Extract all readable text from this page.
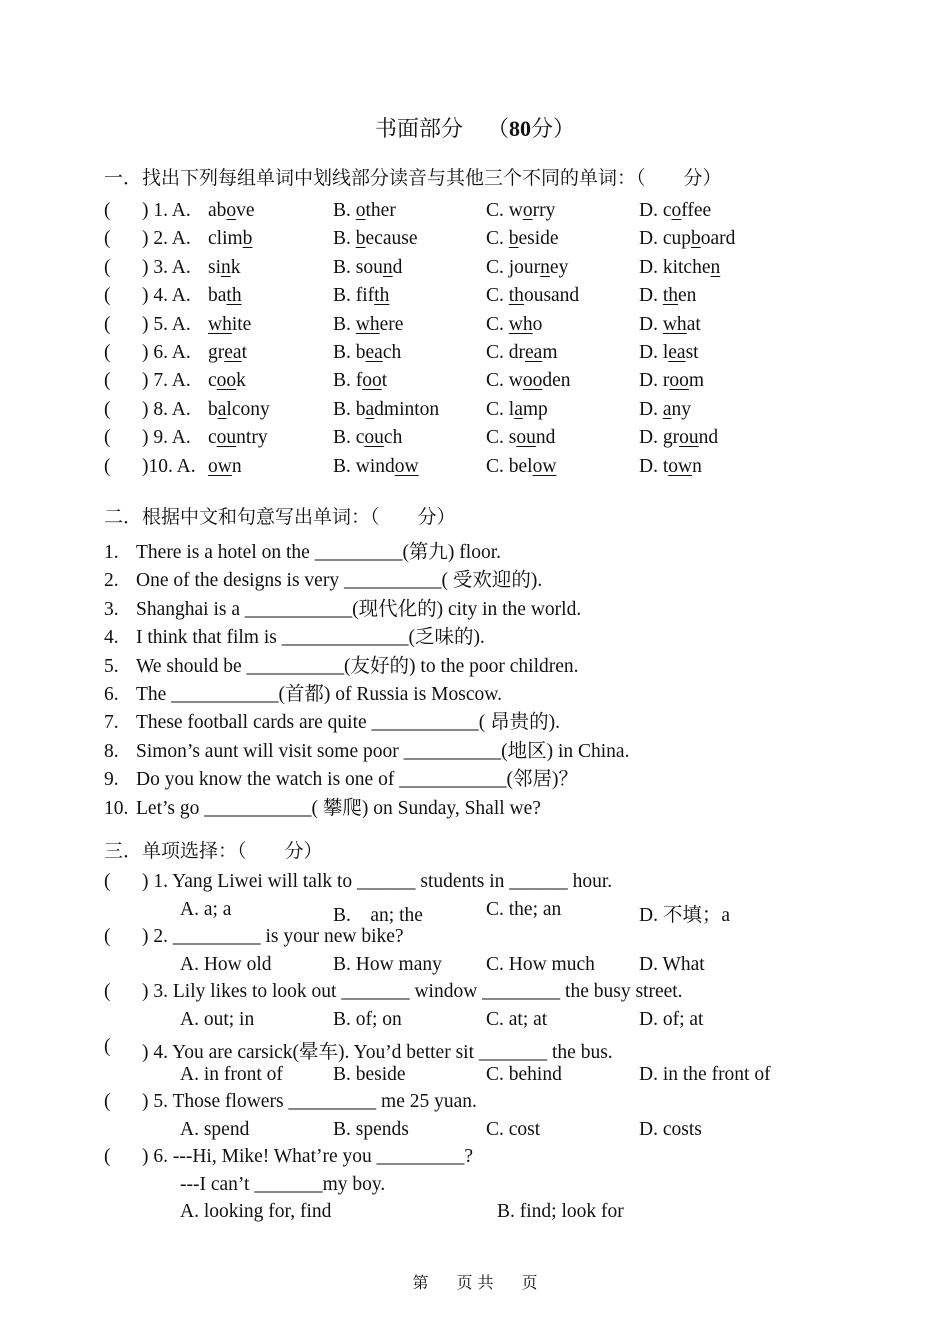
书面部分 （80分）
一．找出下列每组单词中划线部分读音与其他三个不同的单词：（　　分）
( ) 1. A. above	B. other	C. worry	D. coffee
( ) 2. A. climb	B. because	C. beside	D. cupboard
( ) 3. A. sink	B. sound	C. journey	D. kitchen
( ) 4. A. bath	B. fifth	C. thousand	D. then
( ) 5. A. white	B. where	C. who	D. what
( ) 6. A. great	B. beach	C. dream	D. least
( ) 7. A. cook	B. foot	C. wooden	D. room
( ) 8. A. balcony	B. badminton C. lamp	D. any
( ) 9. A. country	B. couch	C. sound	D. ground
( )10. A. own	B. window	C. below	D. town
二．根据中文和句意写出单词：（　　分）
1. There is a hotel on the _________(第九) floor.
2. One of the designs is very __________( 受欢迎的).
3. Shanghai is a ___________(现代化的) city in the world.
4. I think that film is _____________(乏味的).
5. We should be __________(友好的) to the poor children.
6. The ___________(首都) of Russia is Moscow.
7. These football cards are quite ___________( 昂贵的).
8. Simon’s aunt will visit some poor __________(地区) in China.
9. Do you know the watch is one of ___________(邻居)？
10. Let’s go ___________( 攀爬) on Sunday, Shall we?
三．单项选择：（　　分）
( ) 1. Yang Liwei will talk to ______ students in ______ hour.
A. a; a	B.　an; the	C. the; an	D. 不填；a
( ) 2. _________ is your new bike?
A. How old	B. How many C. How much D. What
( ) 3. Lily likes to look out _______ window ________ the busy street.
A. out; in	B. of; on	C. at; at	D. of; at
( ) 4. You are carsick(晕车). You’d better sit _______ the bus.
A. in front of	B. beside	C. behind	D. in the front of
( ) 5. Those flowers _________ me 25 yuan.
A. spend	B. spends	C. cost	D. costs
( ) 6. ---Hi, Mike! What’re you _________?
---I can’t _______my boy.
A. looking for, find	B. find; look for
第 页 共 页
